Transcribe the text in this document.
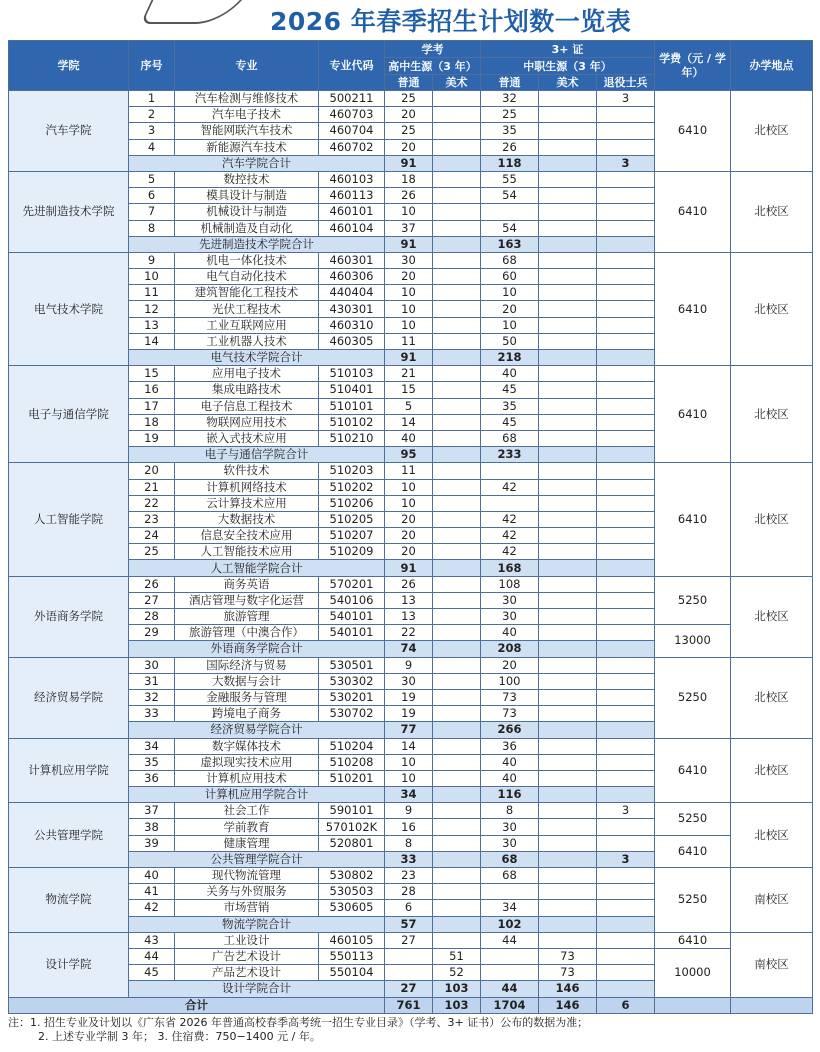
2026 年春季招生计划数一览表
学院	序号	专业	专业代码	学考		3+ 证			学费（元 / 学年）	办学地点
				高中生源（3 年）		中职生源（3 年）				
				普通	美术	普通	美术	退役士兵		
汽车学院	1	汽车检测与维修技术	500211	25		32		3	6410	北校区
	2	汽车电子技术	460703	20		25				
	3	智能网联汽车技术	460704	25		35				
	4	新能源汽车技术	460702	20		26				
	汽车学院合计			91		118		3		
先进制造技术学院	5	数控技术	460103	18		55			6410	北校区
	6	模具设计与制造	460113	26		54				
	7	机械设计与制造	460101	10						
	8	机械制造及自动化	460104	37		54				
	先进制造技术学院合计			91		163				
电气技术学院	9	机电一体化技术	460301	30		68			6410	北校区
	10	电气自动化技术	460306	20		60				
	11	建筑智能化工程技术	440404	10		10				
	12	光伏工程技术	430301	10		20				
	13	工业互联网应用	460310	10		10				
	14	工业机器人技术	460305	11		50				
	电气技术学院合计			91		218				
电子与通信学院	15	应用电子技术	510103	21		40			6410	北校区
	16	集成电路技术	510401	15		45				
	17	电子信息工程技术	510101	5		35				
	18	物联网应用技术	510102	14		45				
	19	嵌入式技术应用	510210	40		68				
	电子与通信学院合计			95		233				
人工智能学院	20	软件技术	510203	11					6410	北校区
	21	计算机网络技术	510202	10		42				
	22	云计算技术应用	510206	10						
	23	大数据技术	510205	20		42				
	24	信息安全技术应用	510207	20		42				
	25	人工智能技术应用	510209	20		42				
	人工智能学院合计			91		168				
外语商务学院	26	商务英语	570201	26		108			5250	北校区
	27	酒店管理与数字化运营	540106	13		30				
	28	旅游管理	540101	13		30				
	29	旅游管理（中澳合作）	540101	22		40			13000	
	外语商务学院合计			74		208				
经济贸易学院	30	国际经济与贸易	530501	9		20			5250	北校区
	31	大数据与会计	530302	30		100				
	32	金融服务与管理	530201	19		73				
	33	跨境电子商务	530702	19		73				
	经济贸易学院合计			77		266				
计算机应用学院	34	数字媒体技术	510204	14		36			6410	北校区
	35	虚拟现实技术应用	510208	10		40				
	36	计算机应用技术	510201	10		40				
	计算机应用学院合计			34		116				
公共管理学院	37	社会工作	590101	9		8		3	5250	北校区
	38	学前教育	570102K	16		30				
	39	健康管理	520801	8		30			6410	
	公共管理学院合计			33		68		3		
物流学院	40	现代物流管理	530802	23		68			5250	南校区
	41	关务与外贸服务	530503	28						
	42	市场营销	530605	6		34				
	物流学院合计			57		102				
设计学院	43	工业设计	460105	27		44			6410	南校区
	44	广告艺术设计	550113		51		73		10000	
	45	产品艺术设计	550104		52		73			
	设计学院合计			27	103	44	146			
合计				761	103	1704	146	6		
注：1. 招生专业及计划以《广东省 2026 年普通高校春季高考统一招生专业目录》（学考、3+ 证书）公布的数据为准；
2. 上述专业学制 3 年； 3. 住宿费：750−1400 元 / 年。
